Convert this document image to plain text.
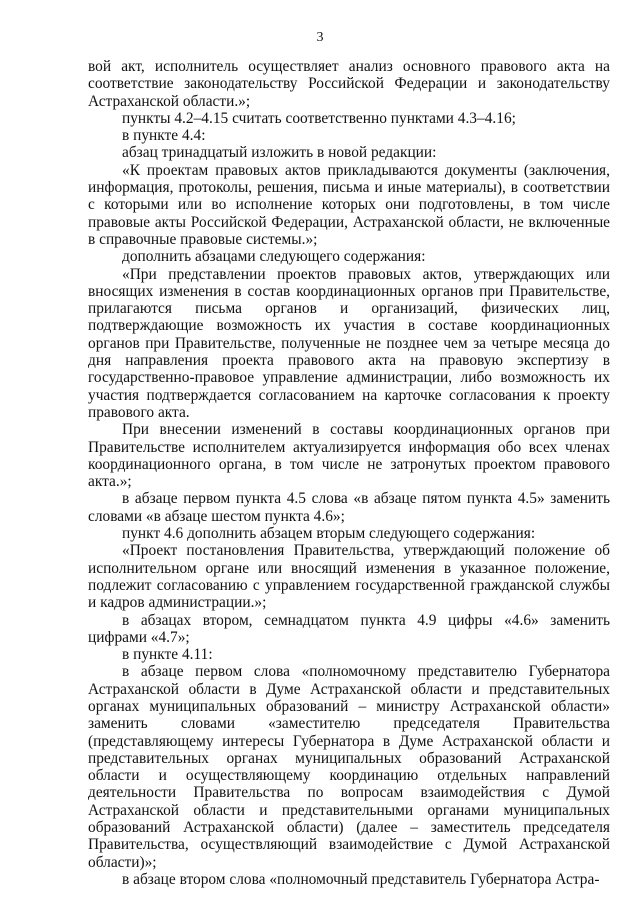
3

вой акт, исполнитель осуществляет анализ основного правового акта на соответствие законодательству Российской Федерации и законодательству Астраханской области.»;

пункты 4.2–4.15 считать соответственно пунктами 4.3–4.16;

в пункте 4.4:

абзац тринадцатый изложить в новой редакции:

«К проектам правовых актов прикладываются документы (заключения, информация, протоколы, решения, письма и иные материалы), в соответствии с которыми или во исполнение которых они подготовлены, в том числе правовые акты Российской Федерации, Астраханской области, не включенные в справочные правовые системы.»;

дополнить абзацами следующего содержания:

«При представлении проектов правовых актов, утверждающих или вносящих изменения в состав координационных органов при Правительстве, прилагаются письма органов и организаций, физических лиц, подтверждающие возможность их участия в составе координационных органов при Правительстве, полученные не позднее чем за четыре месяца до дня направления проекта правового акта на правовую экспертизу в государственно-правовое управление администрации, либо возможность их участия подтверждается согласованием на карточке согласования к проекту правового акта.

При внесении изменений в составы координационных органов при Правительстве исполнителем актуализируется информация обо всех членах координационного органа, в том числе не затронутых проектом правового акта.»;

в абзаце первом пункта 4.5 слова «в абзаце пятом пункта 4.5» заменить словами «в абзаце шестом пункта 4.6»;

пункт 4.6 дополнить абзацем вторым следующего содержания:

«Проект постановления Правительства, утверждающий положение об исполнительном органе или вносящий изменения в указанное положение, подлежит согласованию с управлением государственной гражданской службы и кадров администрации.»;

в абзацах втором, семнадцатом пункта 4.9 цифры «4.6» заменить цифрами «4.7»;

в пункте 4.11:

в абзаце первом слова «полномочному представителю Губернатора Астраханской области в Думе Астраханской области и представительных органах муниципальных образований – министру Астраханской области» заменить словами «заместителю председателя Правительства (представляющему интересы Губернатора в Думе Астраханской области и представительных органах муниципальных образований Астраханской области и осуществляющему координацию отдельных направлений деятельности Правительства по вопросам взаимодействия с Думой Астраханской области и представительными органами муниципальных образований Астраханской области) (далее – заместитель председателя Правительства, осуществляющий взаимодействие с Думой Астраханской области)»;

в абзаце втором слова «полномочный представитель Губернатора Астра-
